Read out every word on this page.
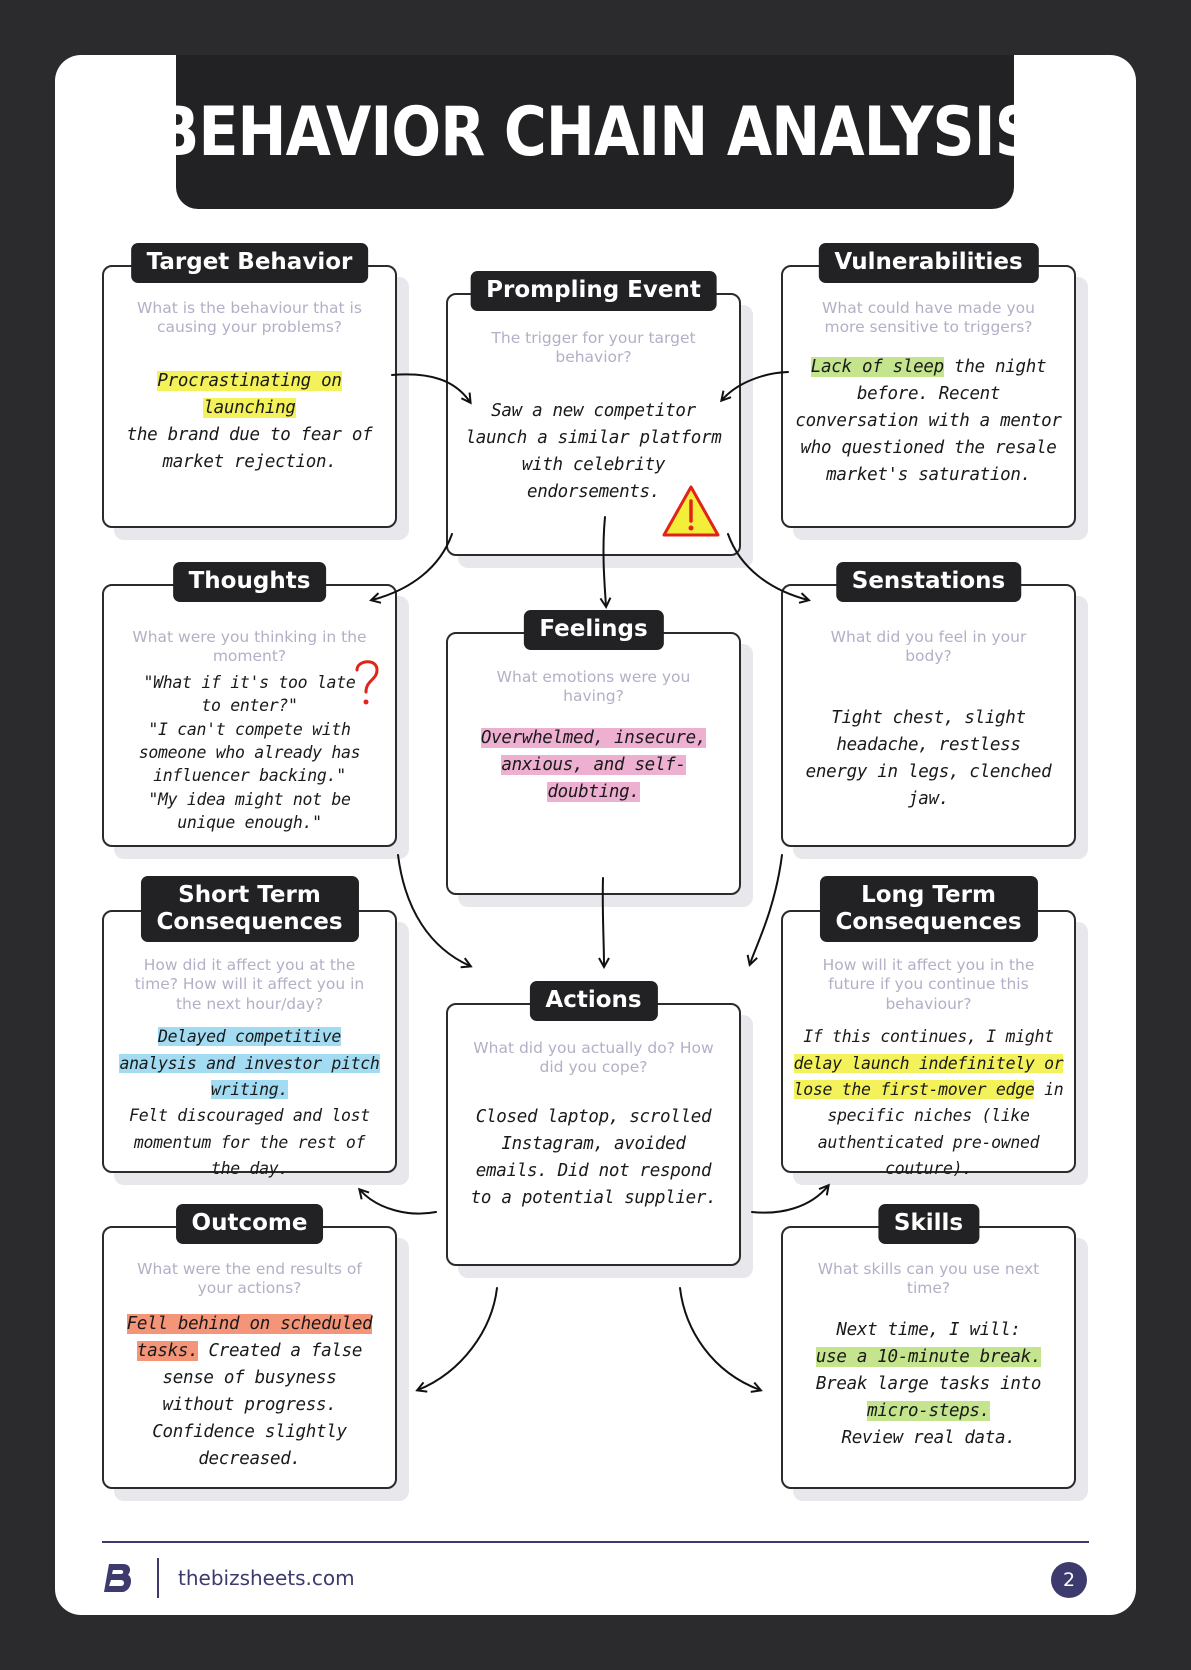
BEHAVIOR CHAIN ANALYSIS
Target Behavior
What is the behaviour that is causing your problems?
Procrastinating on launching
the brand due to fear of market rejection.
Prompling Event
The trigger for your target behavior?
Saw a new competitor launch a similar platform with celebrity endorsements.
Vulnerabilities
What could have made you more sensitive to triggers?
Lack of sleep the night before. Recent conversation with a mentor who questioned the resale market's saturation.
Thoughts
What were you thinking in the moment?
"What if it's too late to enter?"
"I can't compete with someone who already has influencer backing."
"My idea might not be unique enough."
Feelings
What emotions were you having?
Overwhelmed, insecure,
anxious, and self-doubting.
Senstations
What did you feel in your body?
Tight chest, slight headache, restless energy in legs, clenched jaw.
Short Term
Consequences
How did it affect you at the time? How will it affect you in the next hour/day?
Delayed competitive analysis and investor pitch writing.
Felt discouraged and lost momentum for the rest of the day.
Actions
What did you actually do? How did you cope?
Closed laptop, scrolled Instagram, avoided emails. Did not respond to a potential supplier.
Long Term
Consequences
How will it affect you in the future if you continue this behaviour?
If this continues, I might delay launch indefinitely or lose the first-mover edge in specific niches (like authenticated pre-owned couture).
Outcome
What were the end results of your actions?
Fell behind on scheduled tasks. Created a false sense of busyness without progress. Confidence slightly decreased.
Skills
What skills can you use next time?
Next time, I will:
use a 10-minute break.
Break large tasks into
micro-steps.
Review real data.
thebizsheets.com	2
